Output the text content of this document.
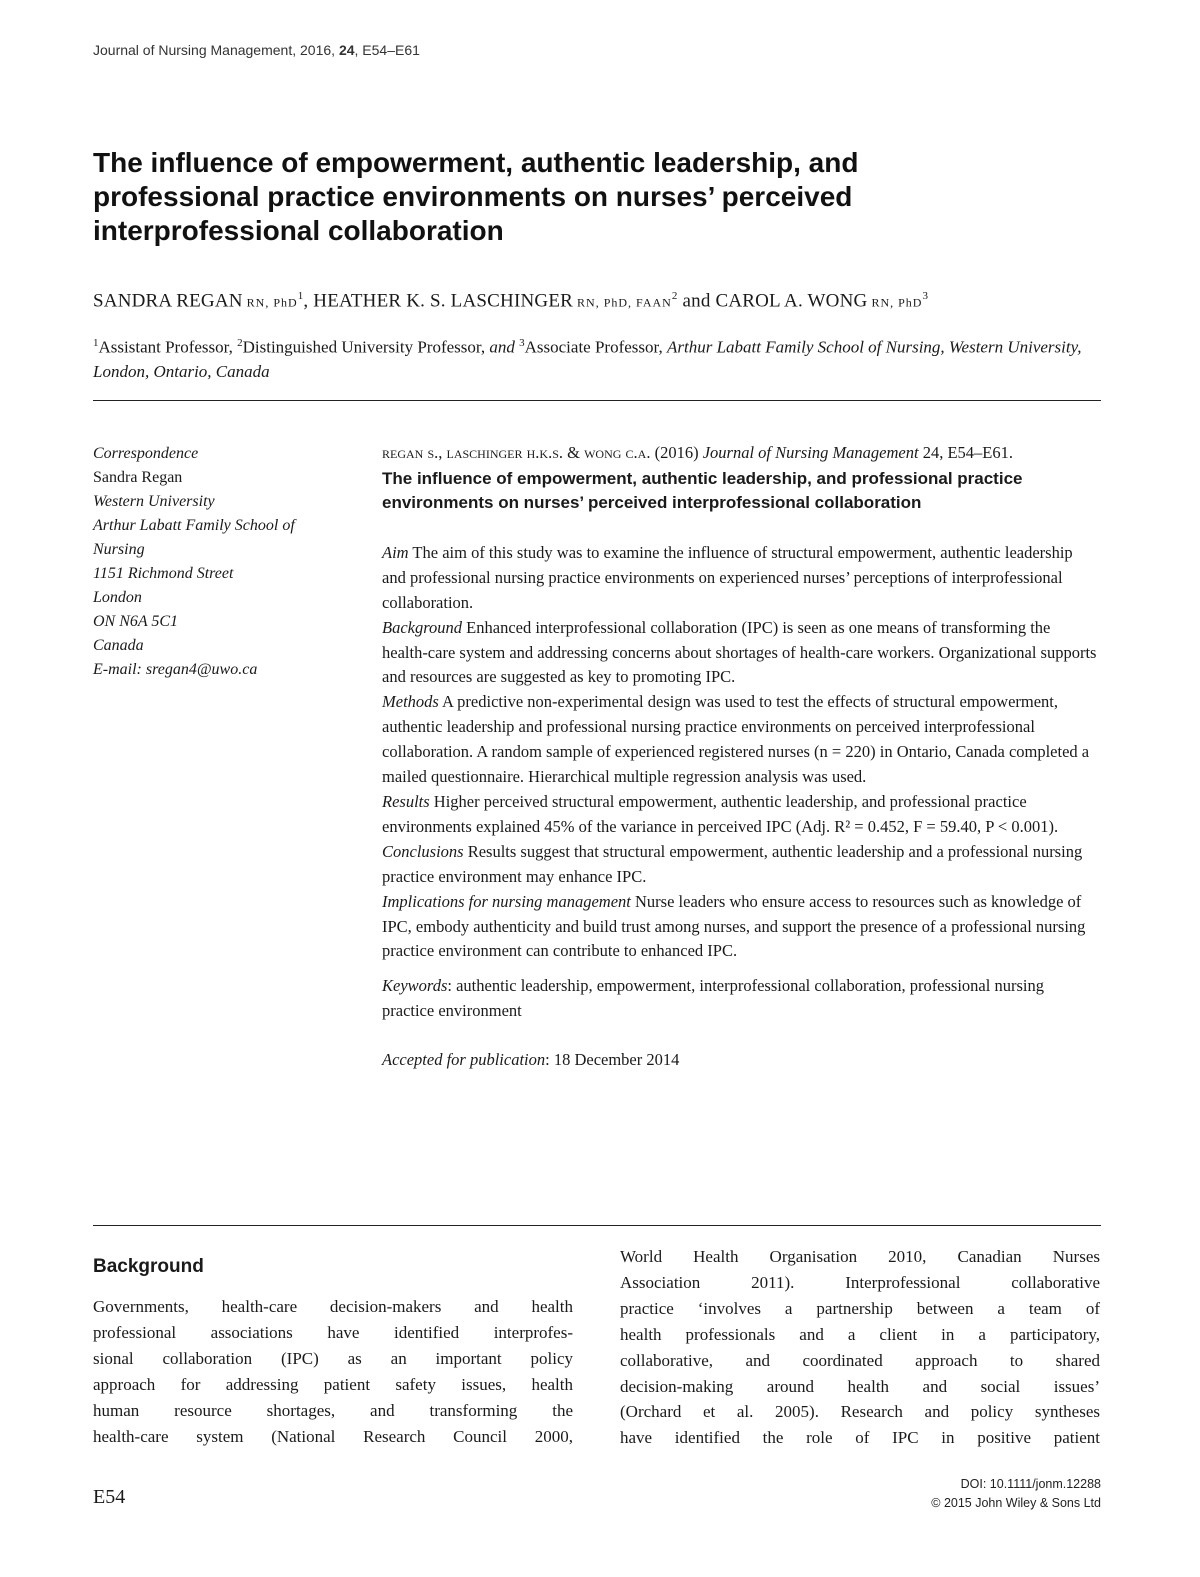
Journal of Nursing Management, 2016, 24, E54–E61
The influence of empowerment, authentic leadership, and professional practice environments on nurses’ perceived interprofessional collaboration
SANDRA REGAN RN, PhD$^1$, HEATHER K. S. LASCHINGER RN, PhD, FAAN$^2$ and CAROL A. WONG RN, PhD$^3$
$^1$Assistant Professor, $^2$Distinguished University Professor, and $^3$Associate Professor, Arthur Labatt Family School of Nursing, Western University, London, Ontario, Canada
Correspondence
Sandra Regan
Western University
Arthur Labatt Family School of
Nursing
1151 Richmond Street
London
ON N6A 5C1
Canada
E-mail: sregan4@uwo.ca
regan s., laschinger h.k.s. & wong c.a. (2016) Journal of Nursing Management 24, E54–E61.
The influence of empowerment, authentic leadership, and professional practice environments on nurses’ perceived interprofessional collaboration
Aim The aim of this study was to examine the influence of structural empowerment, authentic leadership and professional nursing practice environments on experienced nurses’ perceptions of interprofessional collaboration.
Background Enhanced interprofessional collaboration (IPC) is seen as one means of transforming the health-care system and addressing concerns about shortages of health-care workers. Organizational supports and resources are suggested as key to promoting IPC.
Methods A predictive non-experimental design was used to test the effects of structural empowerment, authentic leadership and professional nursing practice environments on perceived interprofessional collaboration. A random sample of experienced registered nurses (n = 220) in Ontario, Canada completed a mailed questionnaire. Hierarchical multiple regression analysis was used.
Results Higher perceived structural empowerment, authentic leadership, and professional practice environments explained 45% of the variance in perceived IPC (Adj. R² = 0.452, F = 59.40, P < 0.001).
Conclusions Results suggest that structural empowerment, authentic leadership and a professional nursing practice environment may enhance IPC.
Implications for nursing management Nurse leaders who ensure access to resources such as knowledge of IPC, embody authenticity and build trust among nurses, and support the presence of a professional nursing practice environment can contribute to enhanced IPC.
Keywords: authentic leadership, empowerment, interprofessional collaboration, professional nursing practice environment
Accepted for publication: 18 December 2014
Background
Governments, health-care decision-makers and health
professional associations have identified interprofes-
sional collaboration (IPC) as an important policy
approach for addressing patient safety issues, health
human resource shortages, and transforming the
health-care system (National Research Council 2000,
World Health Organisation 2010, Canadian Nurses
Association 2011). Interprofessional collaborative
practice ‘involves a partnership between a team of
health professionals and a client in a participatory,
collaborative, and coordinated approach to shared
decision-making around health and social issues’
(Orchard et al. 2005). Research and policy syntheses
have identified the role of IPC in positive patient
E54
DOI: 10.1111/jonm.12288
© 2015 John Wiley & Sons Ltd
